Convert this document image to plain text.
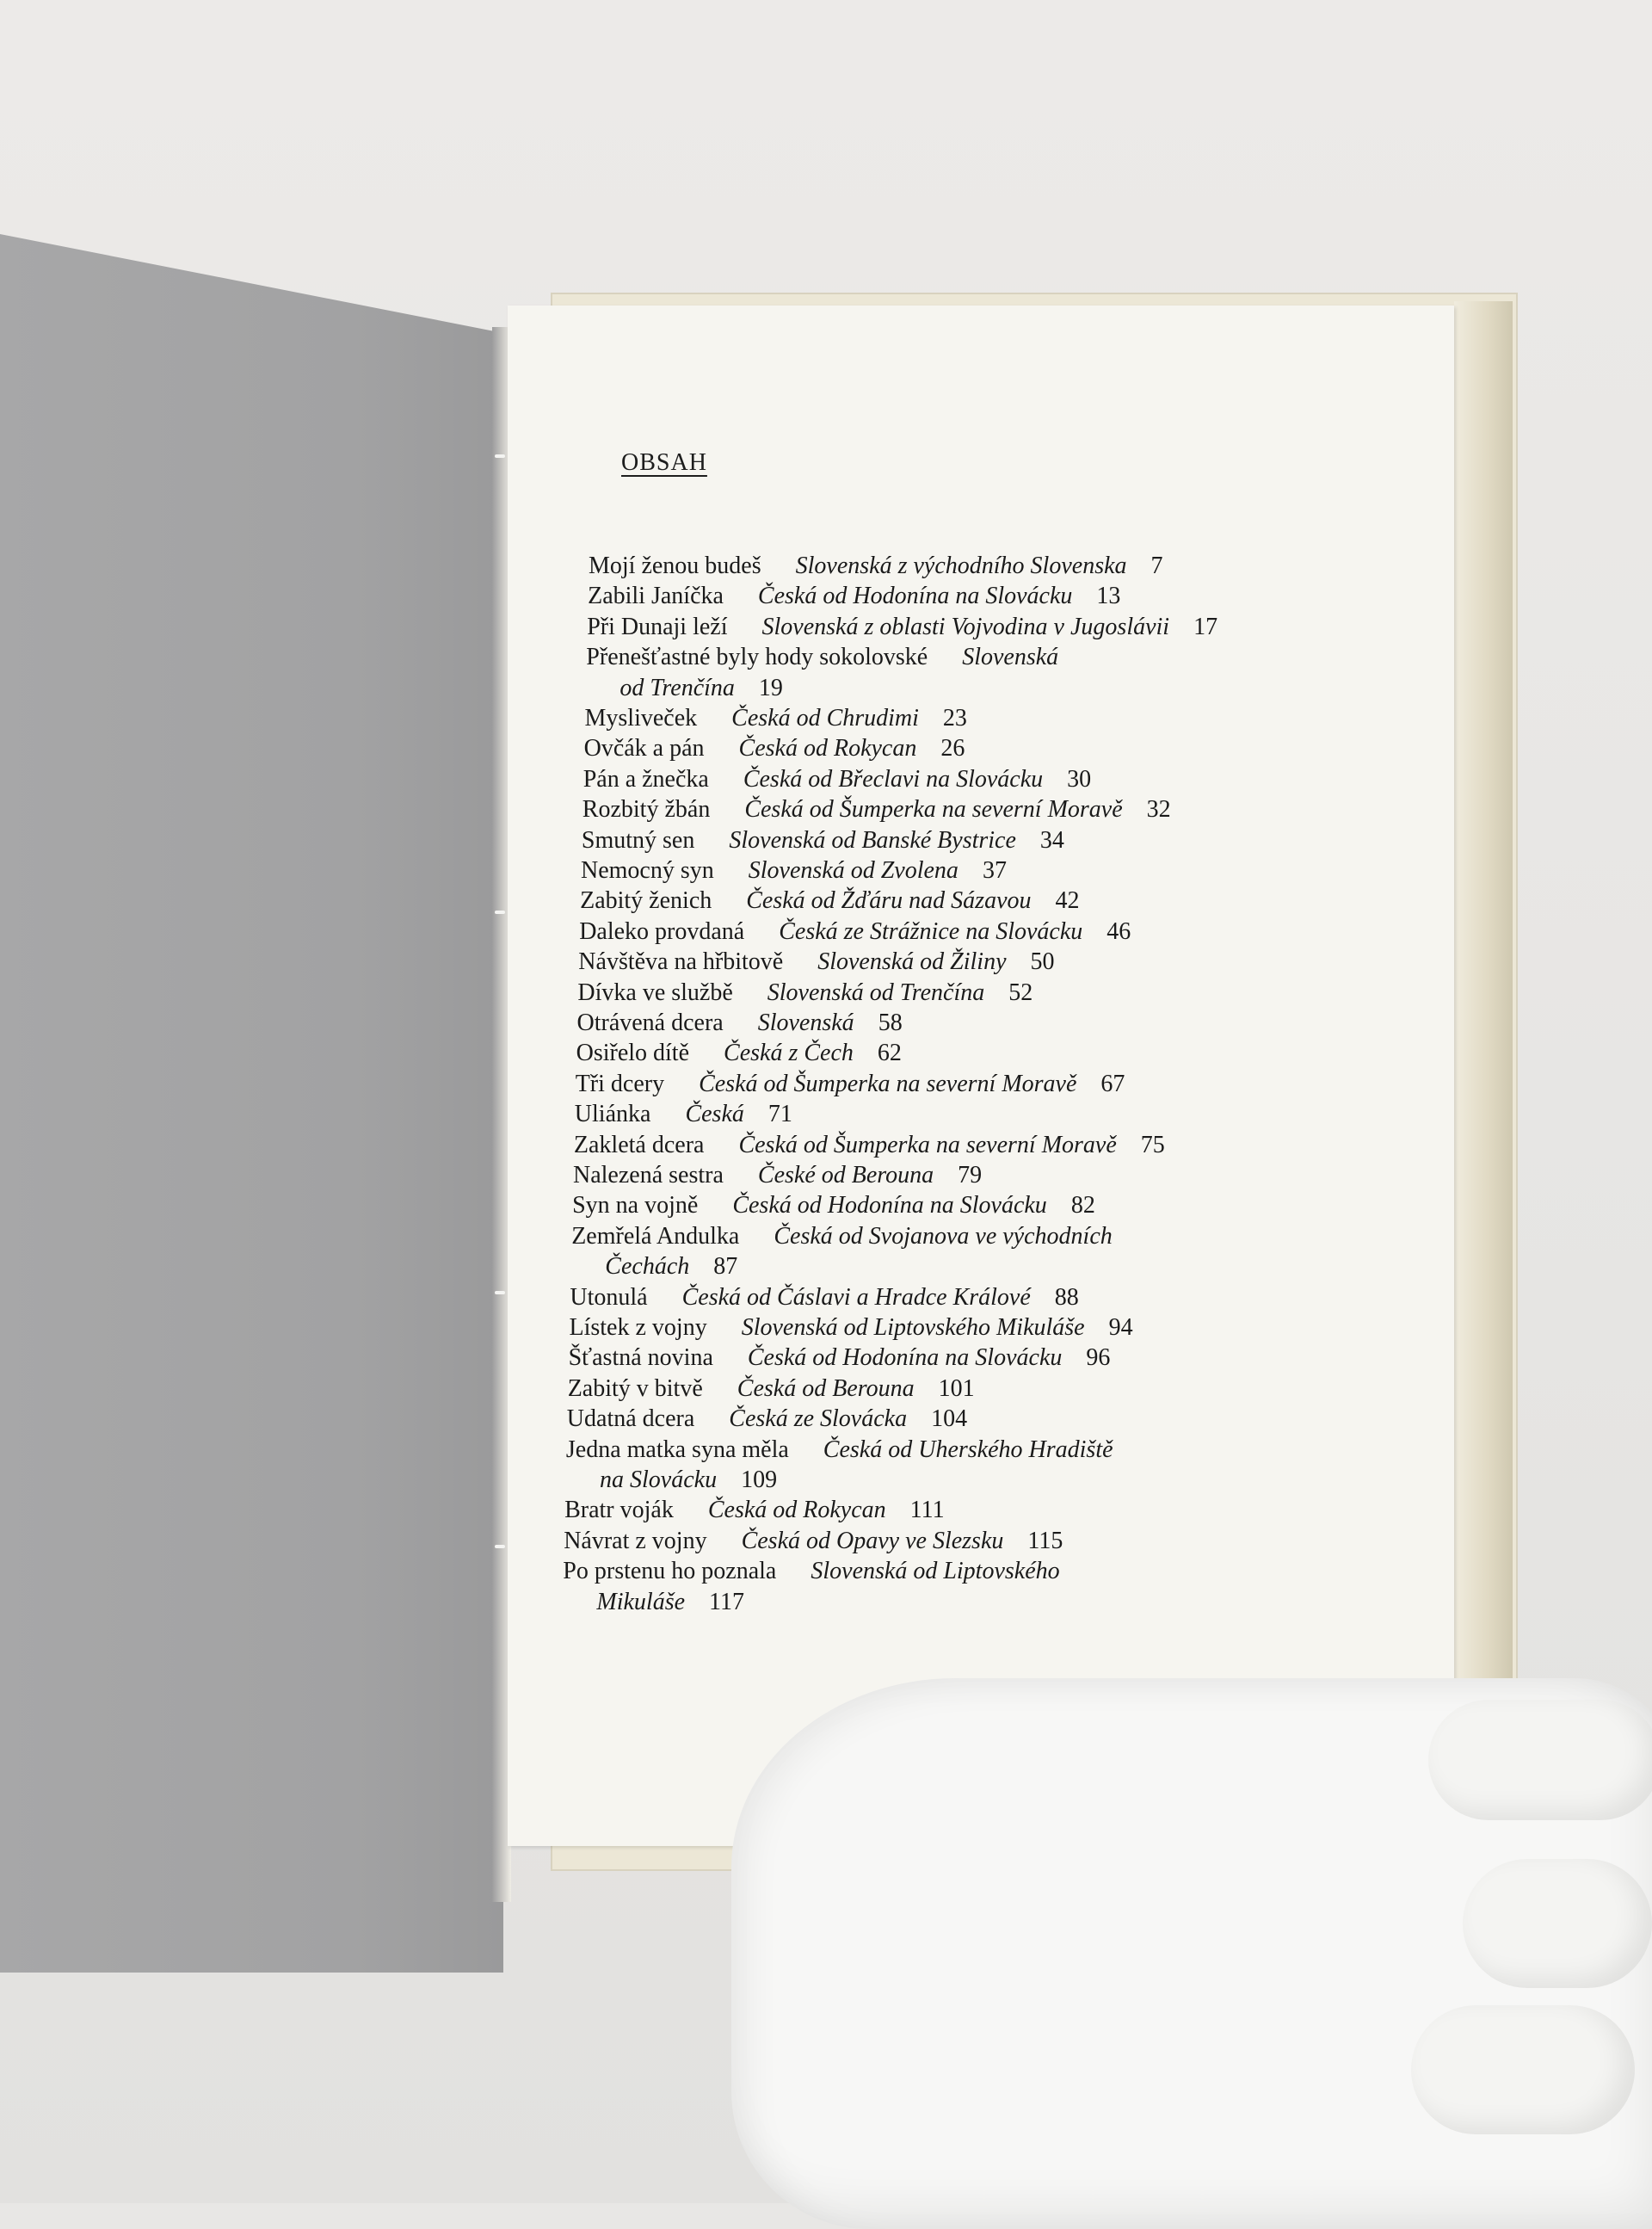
OBSAH
Mojí ženou budeš Slovenská z východního Slovenska 7
Zabili Janíčka Česká od Hodonína na Slovácku 13
Při Dunaji leží Slovenská z oblasti Vojvodina v Jugoslávii 17
Přenešťastné byly hody sokolovské Slovenská
od Trenčína 19
Mysliveček Česká od Chrudimi 23
Ovčák a pán Česká od Rokycan 26
Pán a žnečka Česká od Břeclavi na Slovácku 30
Rozbitý žbán Česká od Šumperka na severní Moravě 32
Smutný sen Slovenská od Banské Bystrice 34
Nemocný syn Slovenská od Zvolena 37
Zabitý ženich Česká od Žďáru nad Sázavou 42
Daleko provdaná Česká ze Strážnice na Slovácku 46
Návštěva na hřbitově Slovenská od Žiliny 50
Dívka ve službě Slovenská od Trenčína 52
Otrávená dcera Slovenská 58
Osiřelo dítě Česká z Čech 62
Tři dcery Česká od Šumperka na severní Moravě 67
Uliánka Česká 71
Zakletá dcera Česká od Šumperka na severní Moravě 75
Nalezená sestra České od Berouna 79
Syn na vojně Česká od Hodonína na Slovácku 82
Zemřelá Andulka Česká od Svojanova ve východních
Čechách 87
Utonulá Česká od Čáslavi a Hradce Králové 88
Lístek z vojny Slovenská od Liptovského Mikuláše 94
Šťastná novina Česká od Hodonína na Slovácku 96
Zabitý v bitvě Česká od Berouna 101
Udatná dcera Česká ze Slovácka 104
Jedna matka syna měla Česká od Uherského Hradiště
na Slovácku 109
Bratr voják Česká od Rokycan 111
Návrat z vojny Česká od Opavy ve Slezsku 115
Po prstenu ho poznala Slovenská od Liptovského
Mikuláše 117
